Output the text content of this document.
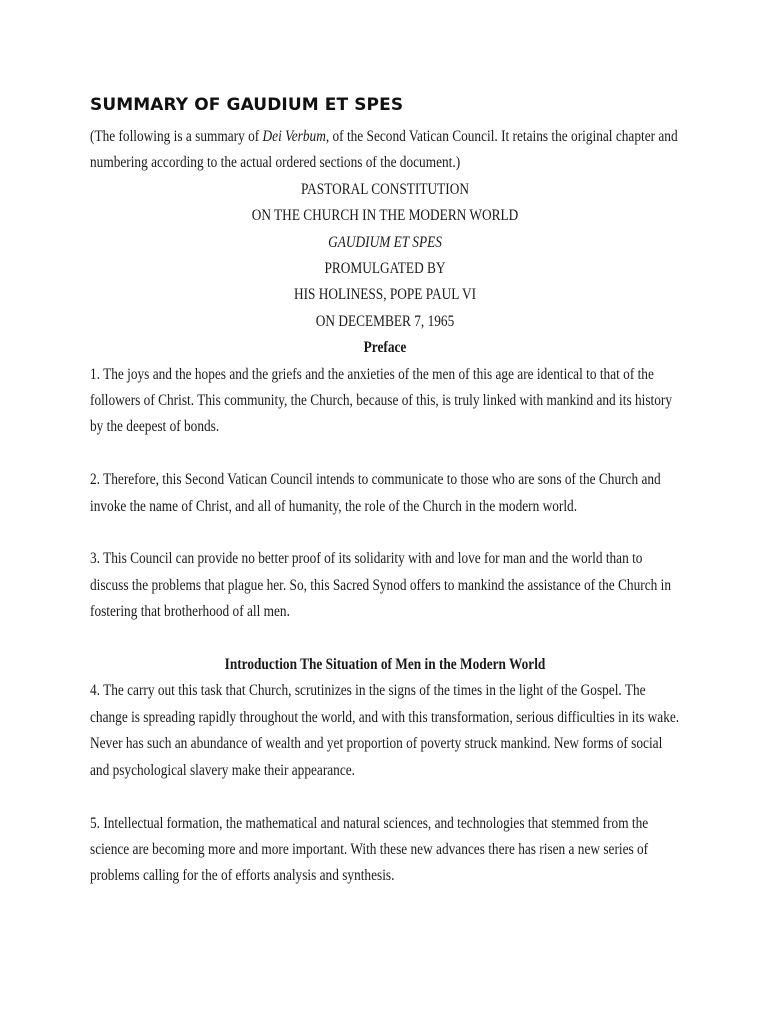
SUMMARY OF GAUDIUM ET SPES

(The following is a summary of Dei Verbum, of the Second Vatican Council. It retains the original chapter and numbering according to the actual ordered sections of the document.)

PASTORAL CONSTITUTION
ON THE CHURCH IN THE MODERN WORLD
GAUDIUM ET SPES
PROMULGATED BY
HIS HOLINESS, POPE PAUL VI
ON DECEMBER 7, 1965
Preface

1. The joys and the hopes and the griefs and the anxieties of the men of this age are identical to that of the followers of Christ. This community, the Church, because of this, is truly linked with mankind and its history by the deepest of bonds.

2. Therefore, this Second Vatican Council intends to communicate to those who are sons of the Church and invoke the name of Christ, and all of humanity, the role of the Church in the modern world.

3. This Council can provide no better proof of its solidarity with and love for man and the world than to discuss the problems that plague her. So, this Sacred Synod offers to mankind the assistance of the Church in fostering that brotherhood of all men.

Introduction The Situation of Men in the Modern World

4. The carry out this task that Church, scrutinizes in the signs of the times in the light of the Gospel. The change is spreading rapidly throughout the world, and with this transformation, serious difficulties in its wake. Never has such an abundance of wealth and yet proportion of poverty struck mankind. New forms of social and psychological slavery make their appearance.

5. Intellectual formation, the mathematical and natural sciences, and technologies that stemmed from the science are becoming more and more important. With these new advances there has risen a new series of problems calling for the of efforts analysis and synthesis.
